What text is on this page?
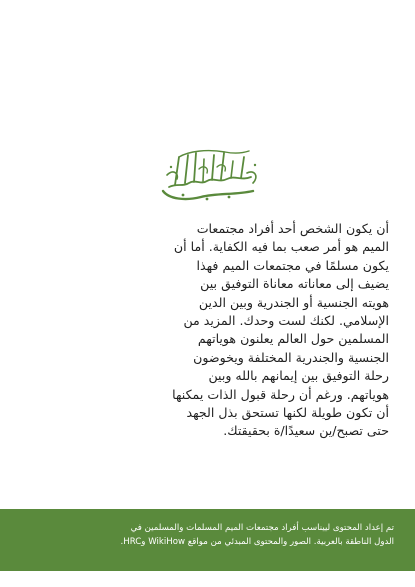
أن يكون الشخص أحد أفراد مجتمعات
الميم هو أمر صعب بما فيه الكفاية. أما أن
يكون مسلمًا في مجتمعات الميم فهذا
يضيف إلى معاناته معاناة التوفيق بين
هويته الجنسية أو الجندرية وبين الدين
الإسلامي. لكنك لست وحدك. المزيد من
المسلمين حول العالم يعلنون هوياتهم
الجنسية والجندرية المختلفة ويخوضون
رحلة التوفيق بين إيمانهم بالله وبين
هوياتهم. ورغم أن رحلة قبول الذات يمكنها
أن تكون طويلة لكنها تستحق بذل الجهد
حتى تصبح/ين سعيدًا/ة بحقيقتك.

تم إعداد المحتوى لييناسب أفراد مجتمعات الميم المسلمات والمسلمين في
الدول الناطقة بالعربية. الصور والمحتوى المبدئي من مواقع WikiHow وHRC.
